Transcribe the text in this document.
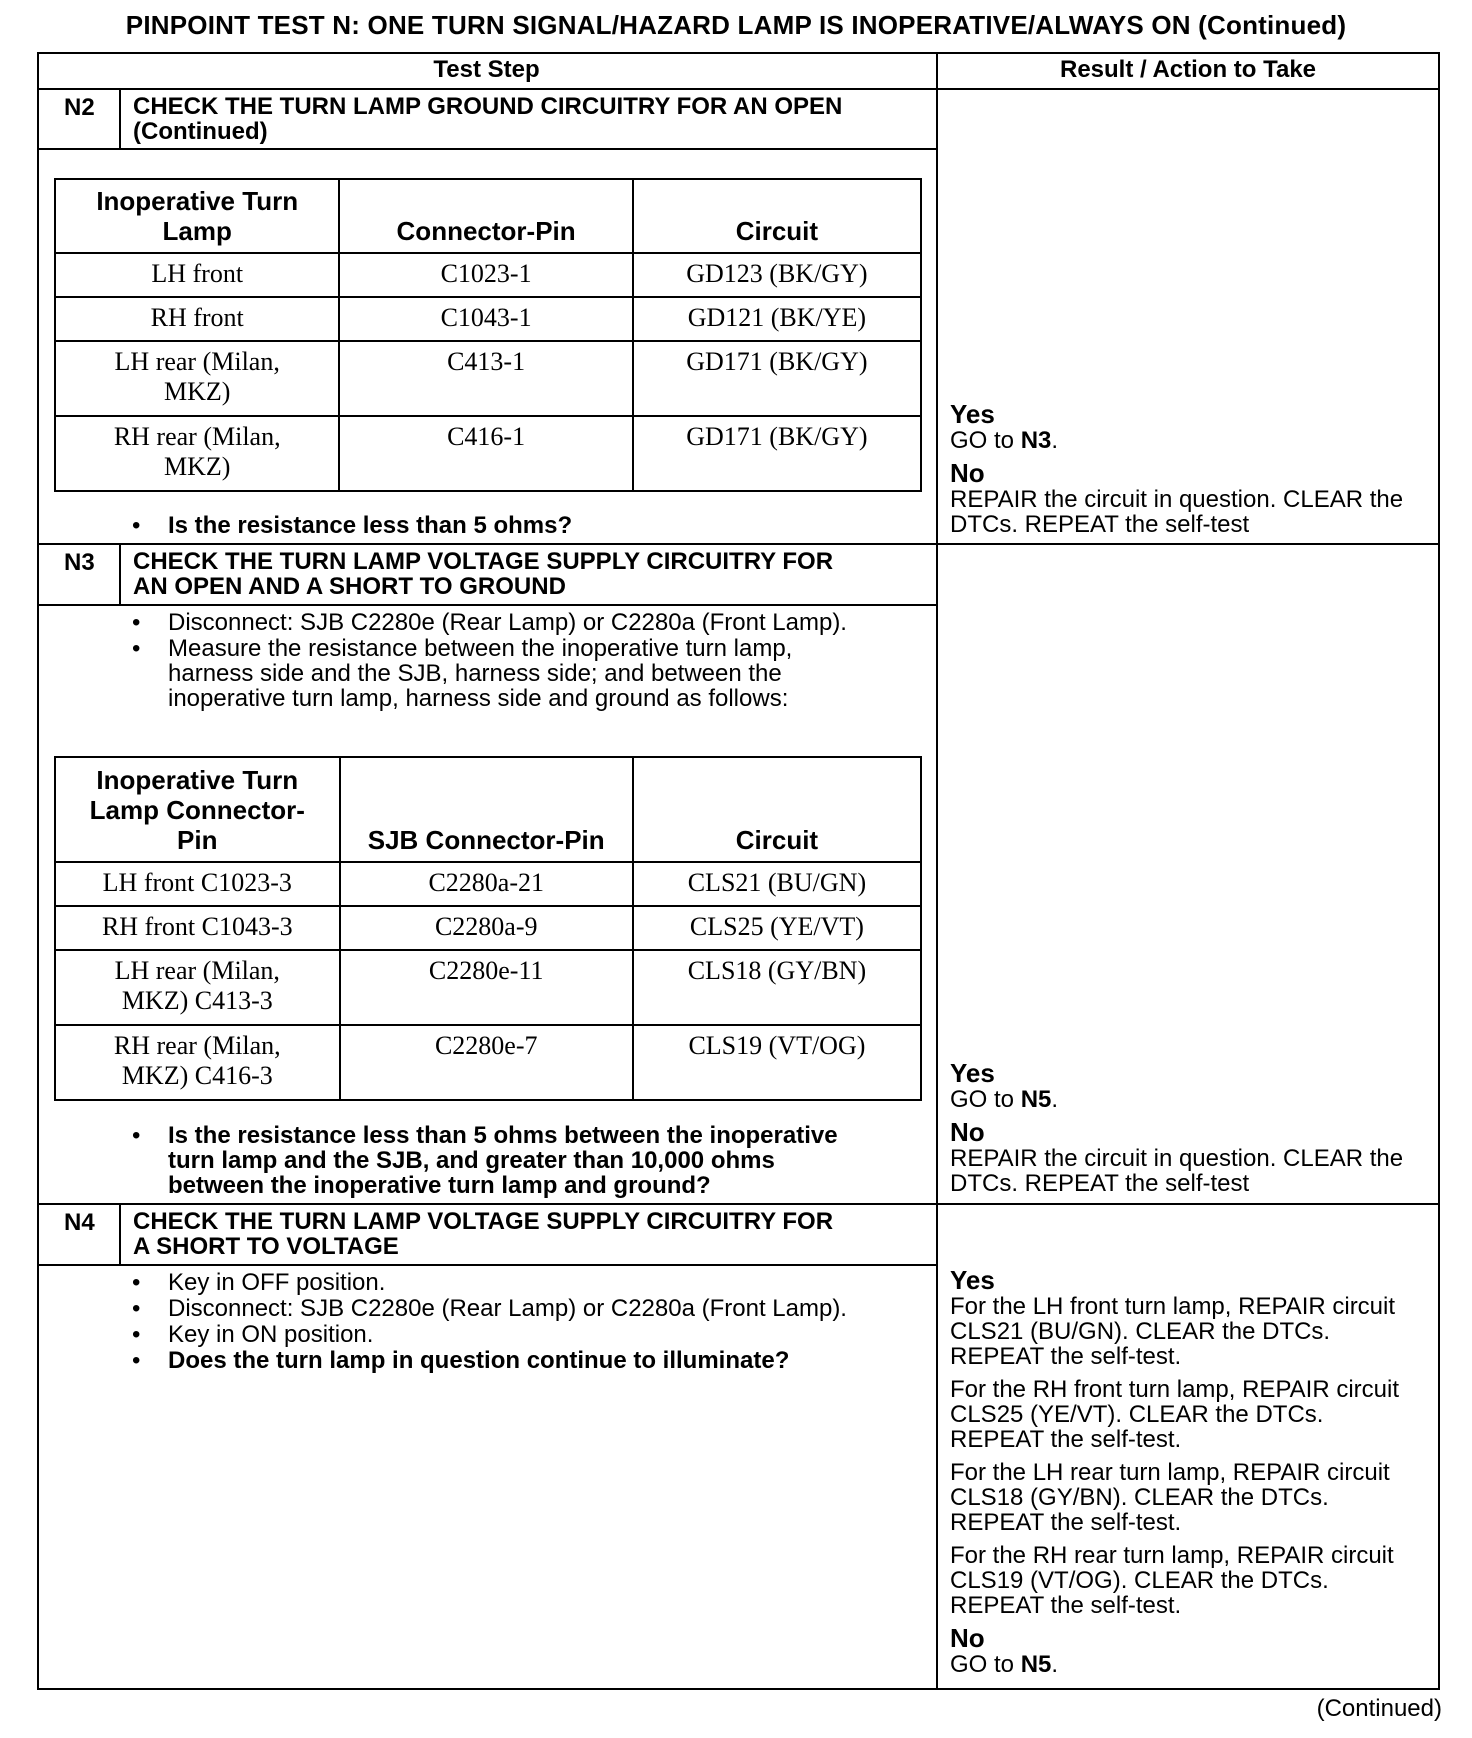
PINPOINT TEST N: ONE TURN SIGNAL/HAZARD LAMP IS INOPERATIVE/ALWAYS ON (Continued)
Test Step	Result / Action to Take
N2 CHECK THE TURN LAMP GROUND CIRCUITRY FOR AN OPEN
(Continued)
Inoperative Turn Lamp	Connector-Pin	Circuit
LH front	C1023-1	GD123 (BK/GY)
RH front	C1043-1	GD121 (BK/YE)
LH rear (Milan, MKZ)	C413-1	GD171 (BK/GY)
RH rear (Milan, MKZ)	C416-1	GD171 (BK/GY)
• Is the resistance less than 5 ohms?
Yes
GO to N3.
No
REPAIR the circuit in question. CLEAR the
DTCs. REPEAT the self-test
N3 CHECK THE TURN LAMP VOLTAGE SUPPLY CIRCUITRY FOR
AN OPEN AND A SHORT TO GROUND
• Disconnect: SJB C2280e (Rear Lamp) or C2280a (Front Lamp).
• Measure the resistance between the inoperative turn lamp,
harness side and the SJB, harness side; and between the
inoperative turn lamp, harness side and ground as follows:
Inoperative Turn Lamp Connector-Pin	SJB Connector-Pin	Circuit
LH front C1023-3	C2280a-21	CLS21 (BU/GN)
RH front C1043-3	C2280a-9	CLS25 (YE/VT)
LH rear (Milan, MKZ) C413-3	C2280e-11	CLS18 (GY/BN)
RH rear (Milan, MKZ) C416-3	C2280e-7	CLS19 (VT/OG)
• Is the resistance less than 5 ohms between the inoperative
turn lamp and the SJB, and greater than 10,000 ohms
between the inoperative turn lamp and ground?
Yes
GO to N5.
No
REPAIR the circuit in question. CLEAR the
DTCs. REPEAT the self-test
N4 CHECK THE TURN LAMP VOLTAGE SUPPLY CIRCUITRY FOR
A SHORT TO VOLTAGE
• Key in OFF position.
• Disconnect: SJB C2280e (Rear Lamp) or C2280a (Front Lamp).
• Key in ON position.
• Does the turn lamp in question continue to illuminate?
Yes
For the LH front turn lamp, REPAIR circuit
CLS21 (BU/GN). CLEAR the DTCs.
REPEAT the self-test.
For the RH front turn lamp, REPAIR circuit
CLS25 (YE/VT). CLEAR the DTCs.
REPEAT the self-test.
For the LH rear turn lamp, REPAIR circuit
CLS18 (GY/BN). CLEAR the DTCs.
REPEAT the self-test.
For the RH rear turn lamp, REPAIR circuit
CLS19 (VT/OG). CLEAR the DTCs.
REPEAT the self-test.
No
GO to N5.
(Continued)
